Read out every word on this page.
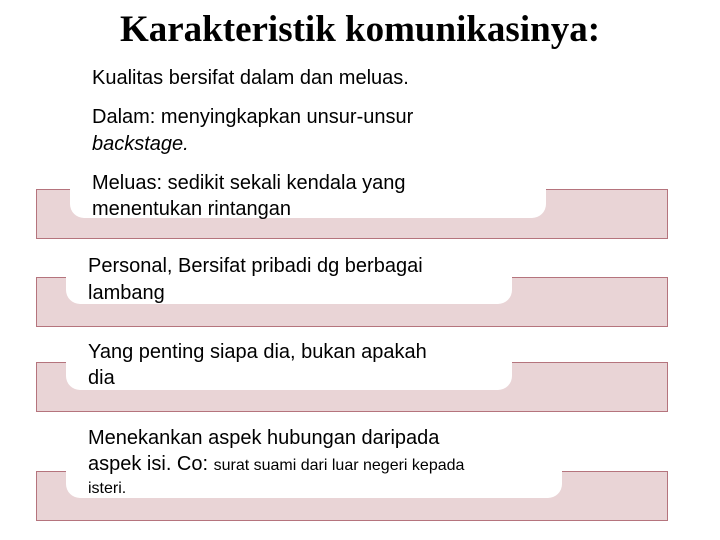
Karakteristik komunikasinya:
Kualitas bersifat dalam dan meluas.
Dalam: menyingkapkan unsur-unsur
backstage.
Meluas: sedikit sekali kendala yang
menentukan rintangan
Personal, Bersifat pribadi dg berbagai
lambang
Yang penting siapa dia, bukan apakah
dia
Menekankan aspek hubungan daripada
aspek isi. Co: surat suami dari luar negeri kepada
isteri.
